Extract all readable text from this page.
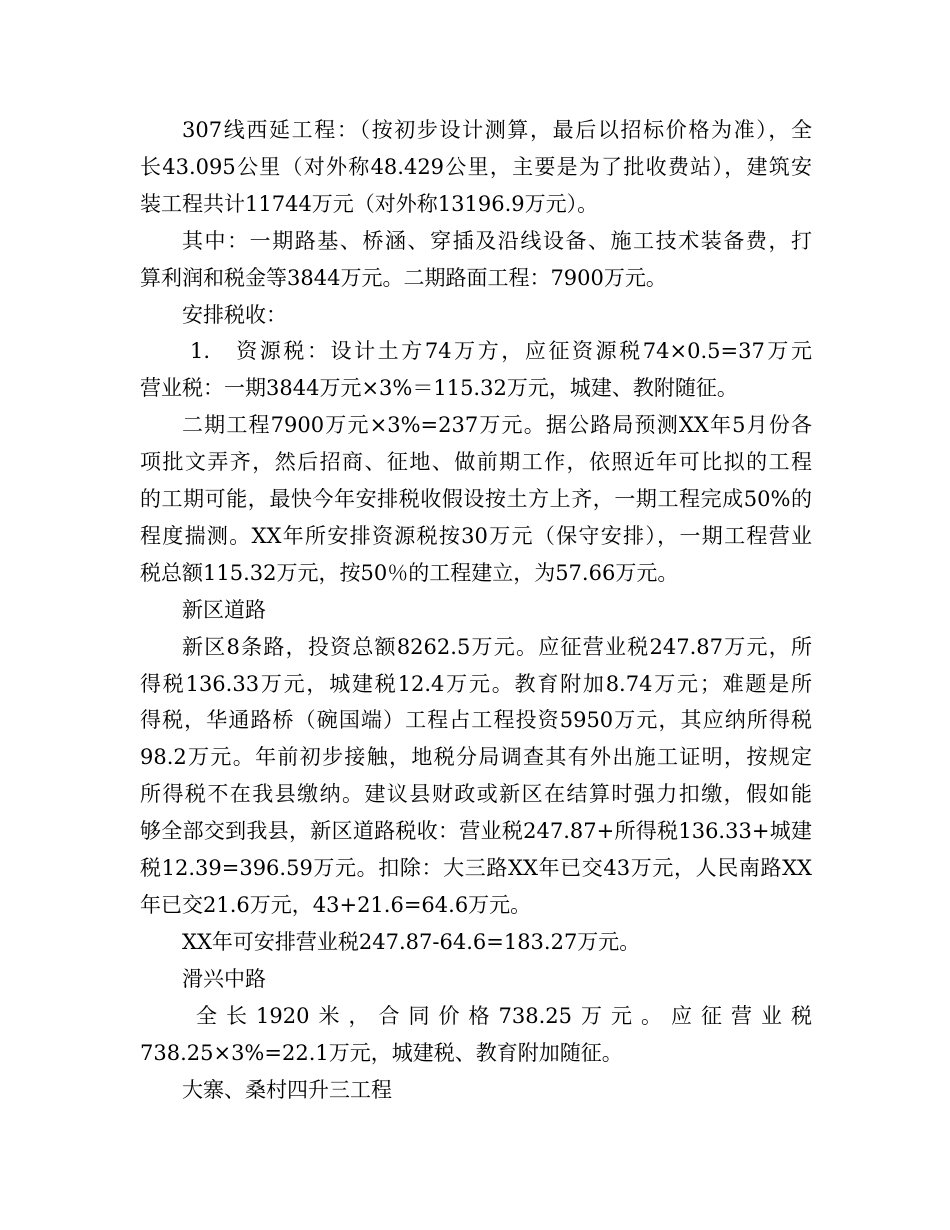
307线西延工程：（按初步设计测算，最后以招标价格为准），全
长43.095公里（对外称48.429公里，主要是为了批收费站），建筑安
装工程共计11744万元（对外称13196.9万元）。
其中：一期路基、桥涵、穿插及沿线设备、施工技术装备费，打
算利润和税金等3844万元。二期路面工程：7900万元。
安排税收：
1.　资源税：设计土方74万方，应征资源税74×0.5=37万元
营业税：一期3844万元×3%＝115.32万元，城建、教附随征。
二期工程7900万元×3%=237万元。据公路局预测XX年5月份各
项批文弄齐，然后招商、征地、做前期工作，依照近年可比拟的工程
的工期可能，最快今年安排税收假设按土方上齐，一期工程完成50%的
程度揣测。XX年所安排资源税按30万元（保守安排），一期工程营业
税总额115.32万元，按50％的工程建立，为57.66万元。
新区道路
新区8条路，投资总额8262.5万元。应征营业税247.87万元，所
得税136.33万元，城建税12.4万元。教育附加8.74万元；难题是所
得税，华通路桥（碗国端）工程占工程投资5950万元，其应纳所得税
98.2万元。年前初步接触，地税分局调查其有外出施工证明，按规定
所得税不在我县缴纳。建议县财政或新区在结算时强力扣缴，假如能
够全部交到我县，新区道路税收：营业税247.87+所得税136.33+城建
税12.39=396.59万元。扣除：大三路XX年已交43万元，人民南路XX
年已交21.6万元，43+21.6=64.6万元。
XX年可安排营业税247.87-64.6=183.27万元。
滑兴中路
全长1920米，合同价格738.25万元。应征营业税
738.25×3%=22.1万元，城建税、教育附加随征。
大寨、桑村四升三工程
